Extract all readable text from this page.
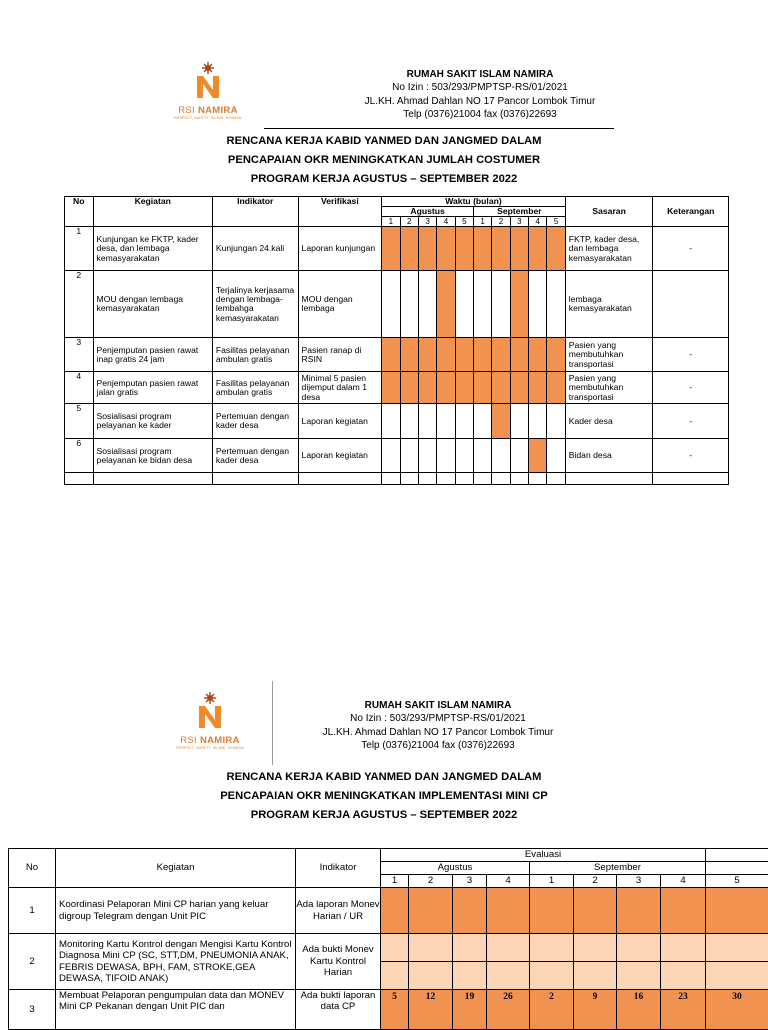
RSI NAMIRA
RESPECT, SAFETY, ISLAMI, NYAMAN
RUMAH SAKIT ISLAM NAMIRA
No Izin : 503/293/PMPTSP-RS/01/2021
JL.KH. Ahmad Dahlan NO 17 Pancor Lombok Timur
Telp (0376)21004 fax (0376)22693
RENCANA KERJA KABID YANMED DAN JANGMED DALAM
PENCAPAIAN OKR MENINGKATKAN JUMLAH COSTUMER
PROGRAM KERJA AGUSTUS – SEPTEMBER 2022
No	Kegiatan	Indikator	Verifikasi	Waktu (bulan)										Sasaran	Keterangan
				Agustus					September						
				1	2	3	4	5	1	2	3	4	5		
1	Kunjungan ke FKTP, kader desa, dan lembaga kemasyarakatan	Kunjungan 24.kali	Laporan kunjungan											FKTP, kader desa, dan lembaga kemasyarakatan	-
2	MOU dengan lembaga kemasyarakatan	Terjalinya kerjasama dengan lembaga-lembahga kemasyarakatan	MOU dengan lembaga											lembaga kemasyarakatan	
3	Penjemputan pasien rawat inap gratis 24 jam	Fasilitas pelayanan ambulan gratis	Pasien ranap di RSIN											Pasien yang membutuhkan transportasi	-
4	Penjemputan pasien rawat jalan gratis	Fasilitas pelayanan ambulan gratis	Minimal 5 pasien dijemput dalam 1 desa											Pasien yang membutuhkan transportasi	-
5	Sosialisasi program pelayanan ke kader	Pertemuan dengan kader desa	Laporan kegiatan											Kader desa	-
6	Sosialisasi program pelayanan ke bidan desa	Pertemuan dengan kader desa	Laporan kegiatan											Bidan desa	-

RSI NAMIRA
RESPECT, SAFETY, ISLAMI, NYAMAN
RUMAH SAKIT ISLAM NAMIRA
No Izin : 503/293/PMPTSP-RS/01/2021
JL.KH. Ahmad Dahlan NO 17 Pancor Lombok Timur
Telp (0376)21004 fax (0376)22693
RENCANA KERJA KABID YANMED DAN JANGMED DALAM
PENCAPAIAN OKR MENINGKATKAN IMPLEMENTASI MINI CP
PROGRAM KERJA AGUSTUS – SEPTEMBER 2022
No	Kegiatan	Indikator	Evaluasi								
			Agustus				September				
			1	2	3	4	1	2	3	4	5
1	Koordinasi Pelaporan Mini CP harian yang keluar digroup Telegram dengan Unit PIC	Ada laporan Monev Harian / UR									
2	Monitoring Kartu Kontrol dengan Mengisi Kartu Kontrol Diagnosa Mini CP (SC, STT,DM, PNEUMONIA ANAK, FEBRIS DEWASA, BPH, FAM, STROKE,GEA DEWASA, TIFOID ANAK)	Ada bukti Monev Kartu Kontrol Harian									

3	Membuat Pelaporan pengumpulan data dan MONEV Mini CP Pekanan dengan Unit PIC dan	Ada bukti laporan data CP	5	12	19	26	2	9	16	23	30
